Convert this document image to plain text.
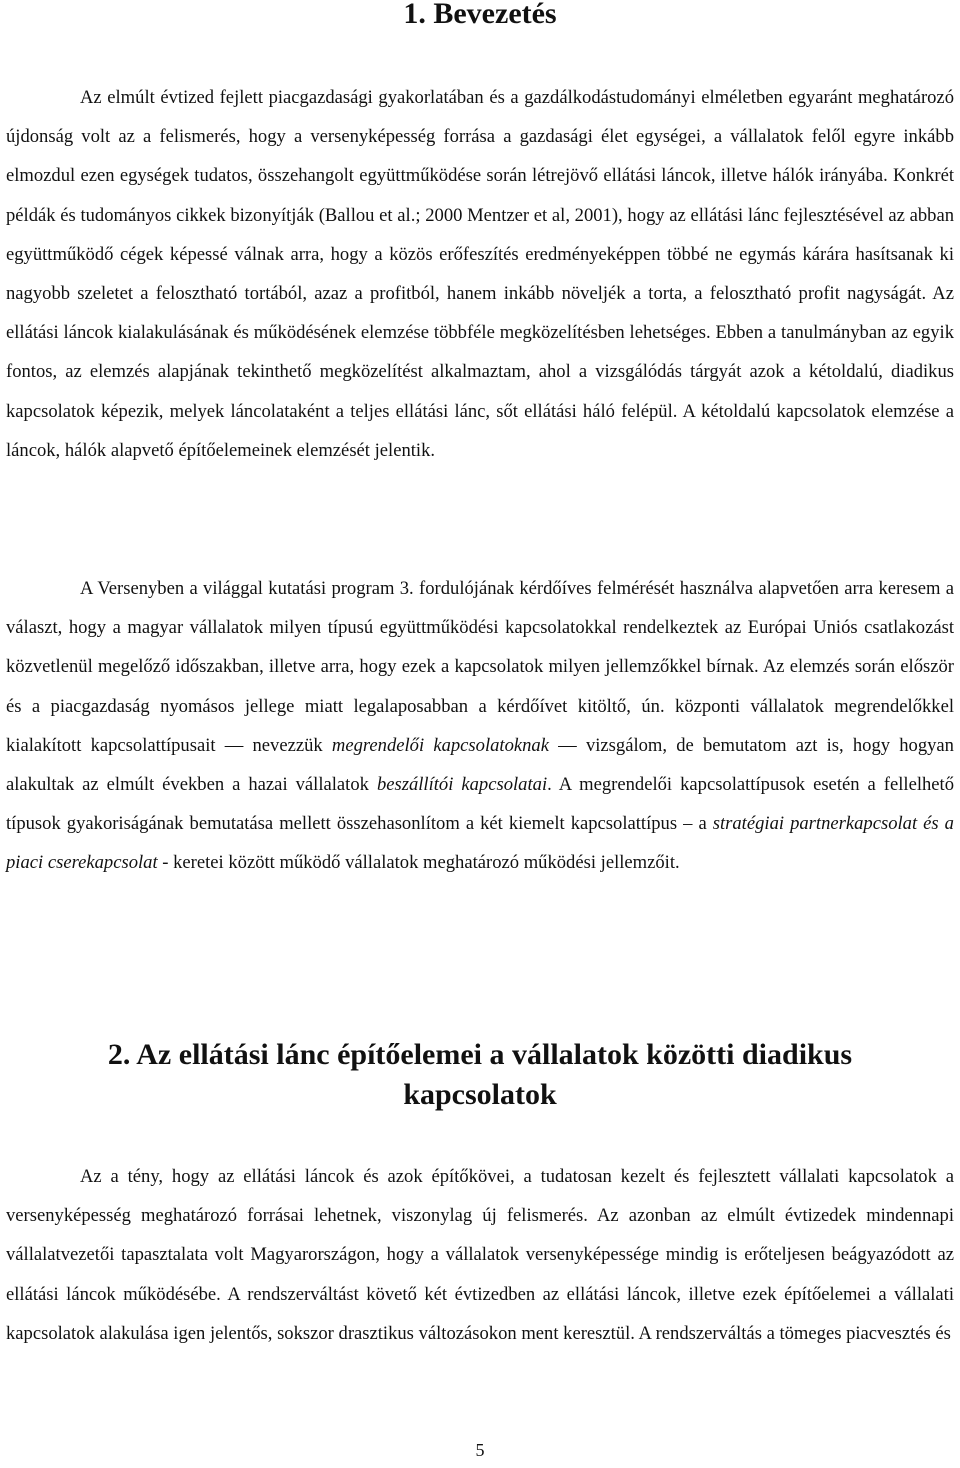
1. Bevezetés

Az elmúlt évtized fejlett piacgazdasági gyakorlatában és a gazdálkodástudományi elméletben egyaránt meghatározó újdonság volt az a felismerés, hogy a versenyképesség forrása a gazdasági élet egységei, a vállalatok felől egyre inkább elmozdul ezen egységek tudatos, összehangolt együttműködése során létrejövő ellátási láncok, illetve hálók irányába. Konkrét példák és tudományos cikkek bizonyítják (Ballou et al.; 2000 Mentzer et al, 2001), hogy az ellátási lánc fejlesztésével az abban együttműködő cégek képessé válnak arra, hogy a közös erőfeszítés eredményeképpen többé ne egymás kárára hasítsanak ki nagyobb szeletet a felosztható tortából, azaz a profitból, hanem inkább növeljék a torta, a felosztható profit nagyságát. Az ellátási láncok kialakulásának és működésének elemzése többféle megközelítésben lehetséges. Ebben a tanulmányban az egyik fontos, az elemzés alapjának tekinthető megközelítést alkalmaztam, ahol a vizsgálódás tárgyát azok a kétoldalú, diadikus kapcsolatok képezik, melyek láncolataként a teljes ellátási lánc, sőt ellátási háló felépül. A kétoldalú kapcsolatok elemzése a láncok, hálók alapvető építőelemeinek elemzését jelentik.

A Versenyben a világgal kutatási program 3. fordulójának kérdőíves felmérését használva alapvetően arra keresem a választ, hogy a magyar vállalatok milyen típusú együttműködési kapcsolatokkal rendelkeztek az Európai Uniós csatlakozást közvetlenül megelőző időszakban, illetve arra, hogy ezek a kapcsolatok milyen jellemzőkkel bírnak. Az elemzés során először és a piacgazdaság nyomásos jellege miatt legalaposabban a kérdőívet kitöltő, ún. központi vállalatok megrendelőkkel kialakított kapcsolattípusait — nevezzük megrendelői kapcsolatoknak — vizsgálom, de bemutatom azt is, hogy hogyan alakultak az elmúlt években a hazai vállalatok beszállítói kapcsolatai. A megrendelői kapcsolattípusok esetén a fellelhető típusok gyakoriságának bemutatása mellett összehasonlítom a két kiemelt kapcsolattípus – a stratégiai partnerkapcsolat és a piaci cserekapcsolat - keretei között működő vállalatok meghatározó működési jellemzőit.

2. Az ellátási lánc építőelemei a vállalatok közötti diadikus
kapcsolatok

Az a tény, hogy az ellátási láncok és azok építőkövei, a tudatosan kezelt és fejlesztett vállalati kapcsolatok a versenyképesség meghatározó forrásai lehetnek, viszonylag új felismerés. Az azonban az elmúlt évtizedek mindennapi vállalatvezetői tapasztalata volt Magyarországon, hogy a vállalatok versenyképessége mindig is erőteljesen beágyazódott az ellátási láncok működésébe. A rendszerváltást követő két évtizedben az ellátási láncok, illetve ezek építőelemei a vállalati kapcsolatok alakulása igen jelentős, sokszor drasztikus változásokon ment keresztül. A rendszerváltás a tömeges piacvesztés és

5
